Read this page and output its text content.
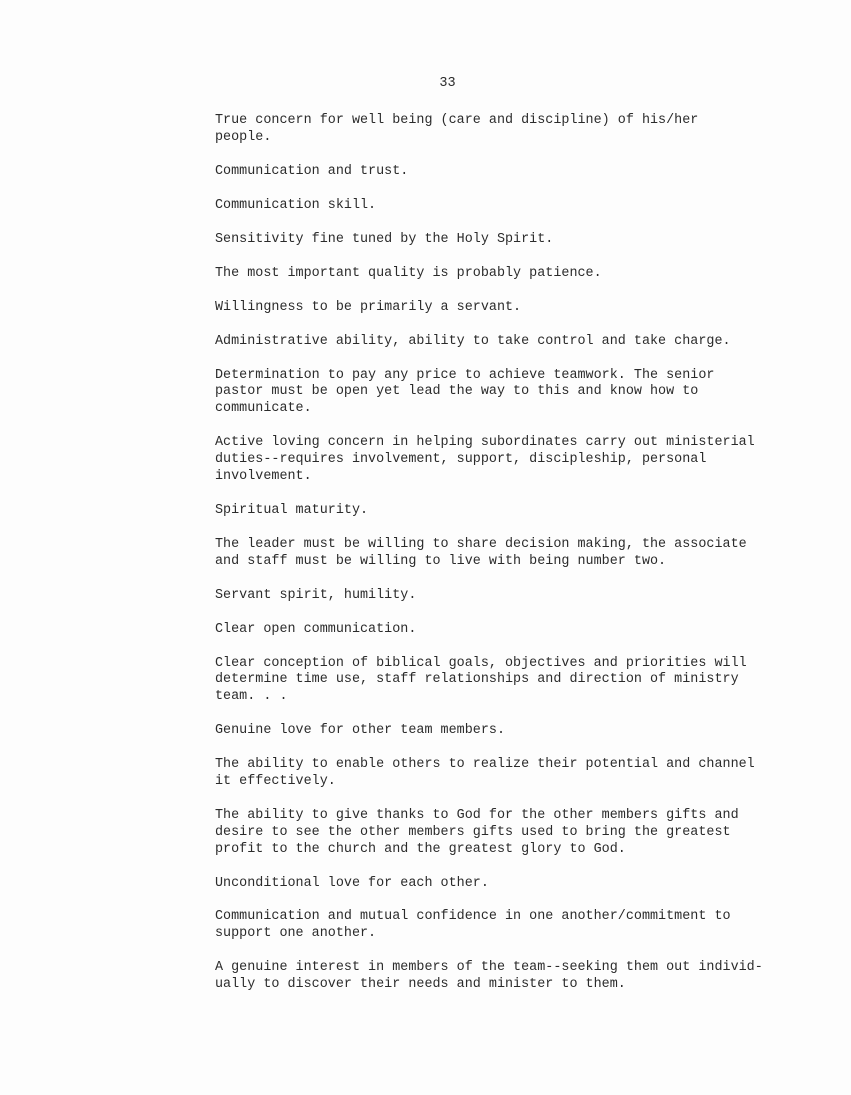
33
True concern for well being (care and discipline) of his/her
people.
Communication and trust.
Communication skill.
Sensitivity fine tuned by the Holy Spirit.
The most important quality is probably patience.
Willingness to be primarily a servant.
Administrative ability, ability to take control and take charge.
Determination to pay any price to achieve teamwork. The senior
pastor must be open yet lead the way to this and know how to
communicate.
Active loving concern in helping subordinates carry out ministerial
duties--requires involvement, support, discipleship, personal
involvement.
Spiritual maturity.
The leader must be willing to share decision making, the associate
and staff must be willing to live with being number two.
Servant spirit, humility.
Clear open communication.
Clear conception of biblical goals, objectives and priorities will
determine time use, staff relationships and direction of ministry
team. . .
Genuine love for other team members.
The ability to enable others to realize their potential and channel
it effectively.
The ability to give thanks to God for the other members gifts and
desire to see the other members gifts used to bring the greatest
profit to the church and the greatest glory to God.
Unconditional love for each other.
Communication and mutual confidence in one another/commitment to
support one another.
A genuine interest in members of the team--seeking them out individ-
ually to discover their needs and minister to them.
